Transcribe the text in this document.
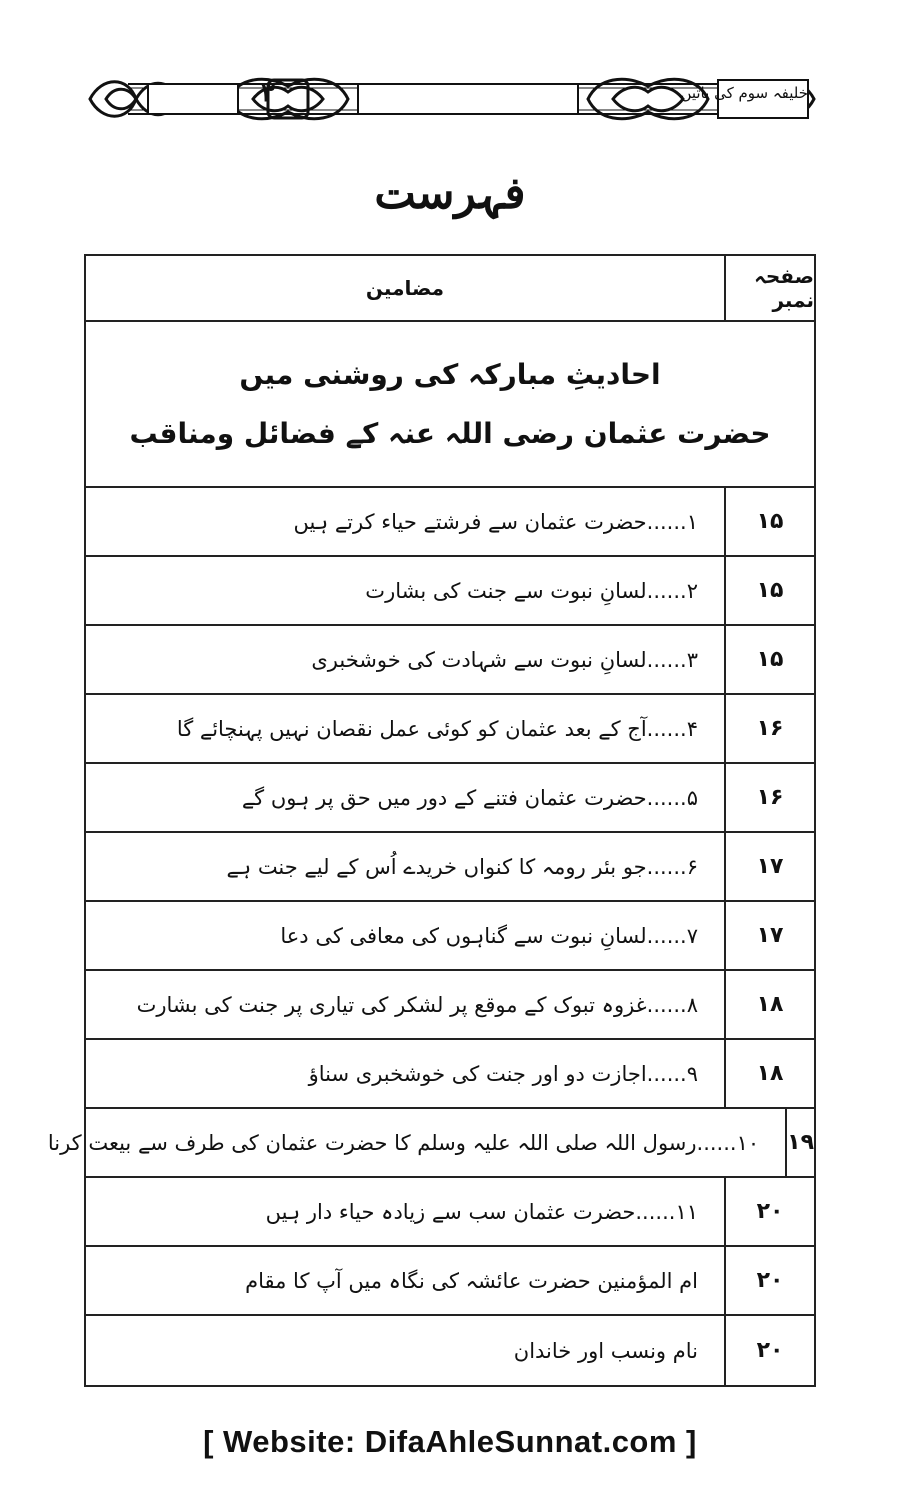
۳	خلیفہ سوم کی باتیں
فہرست
صفحہ نمبر
مضامین
احادیثِ مبارکہ کی روشنی میں
حضرت عثمان رضی اللہ عنہ کے فضائل ومناقب
۱۵
۱......حضرت عثمان سے فرشتے حیاء کرتے ہیں
۱۵
۲......لسانِ نبوت سے جنت کی بشارت
۱۵
۳......لسانِ نبوت سے شہادت کی خوشخبری
۱۶
۴......آج کے بعد عثمان کو کوئی عمل نقصان نہیں پہنچائے گا
۱۶
۵......حضرت عثمان فتنے کے دور میں حق پر ہوں گے
۱۷
۶......جو بئر رومہ کا کنواں خریدے اُس کے لیے جنت ہے
۱۷
۷......لسانِ نبوت سے گناہوں کی معافی کی دعا
۱۸
۸......غزوہ تبوک کے موقع پر لشکر کی تیاری پر جنت کی بشارت
۱۸
۹......اجازت دو اور جنت کی خوشخبری سناؤ
۱۹
۱۰......رسول اللہ صلی اللہ علیہ وسلم کا حضرت عثمان کی طرف سے بیعت کرنا
۲۰
۱۱......حضرت عثمان سب سے زیادہ حیاء دار ہیں
۲۰
ام المؤمنین حضرت عائشہ کی نگاہ میں آپ کا مقام
۲۰
نام ونسب اور خاندان
[ Website: DifaAhleSunnat.com ]
